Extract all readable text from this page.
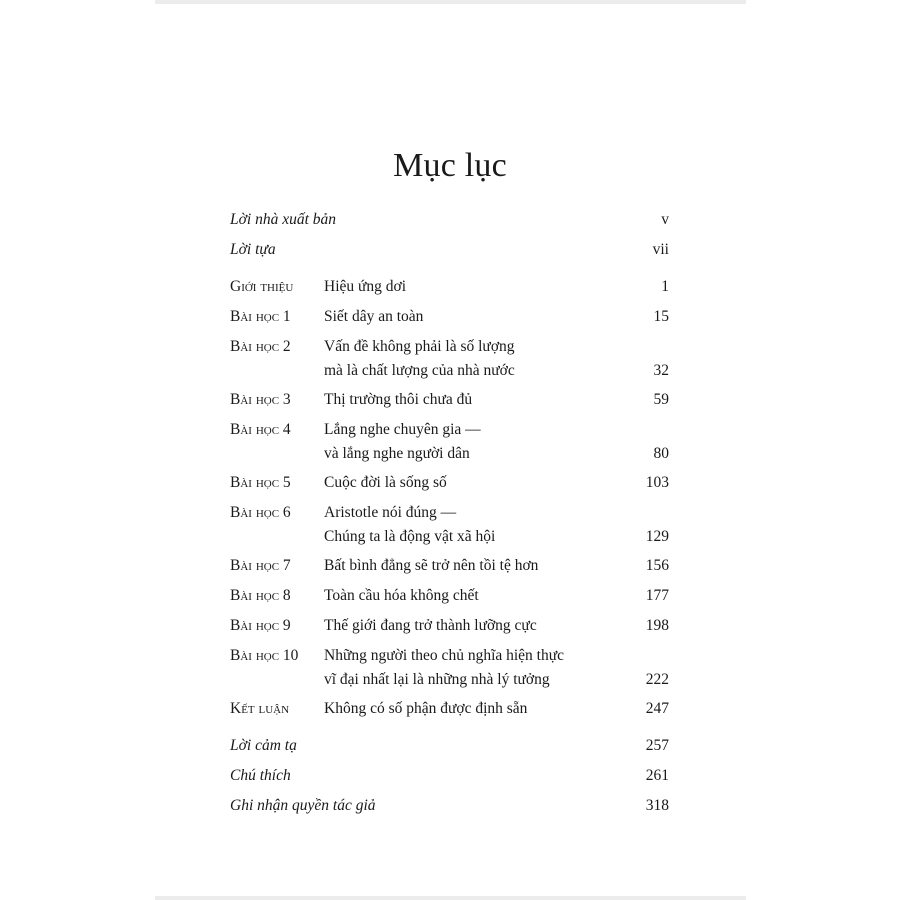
Mục lục
Lời nhà xuất bản	v
Lời tựa	vii
Giới thiệu Hiệu ứng dơi	1
Bài học 1 Siết dây an toàn	15
Bài học 2 Vấn đề không phải là số lượng
mà là chất lượng của nhà nước	32
Bài học 3 Thị trường thôi chưa đủ	59
Bài học 4 Lắng nghe chuyên gia —
và lắng nghe người dân	80
Bài học 5 Cuộc đời là sống số	103
Bài học 6 Aristotle nói đúng —
Chúng ta là động vật xã hội	129
Bài học 7 Bất bình đẳng sẽ trở nên tồi tệ hơn	156
Bài học 8 Toàn cầu hóa không chết	177
Bài học 9 Thế giới đang trở thành lưỡng cực	198
Bài học 10 Những người theo chủ nghĩa hiện thực
vĩ đại nhất lại là những nhà lý tưởng	222
Kết luận Không có số phận được định sẵn	247
Lời cảm tạ	257
Chú thích	261
Ghi nhận quyền tác giả	318
